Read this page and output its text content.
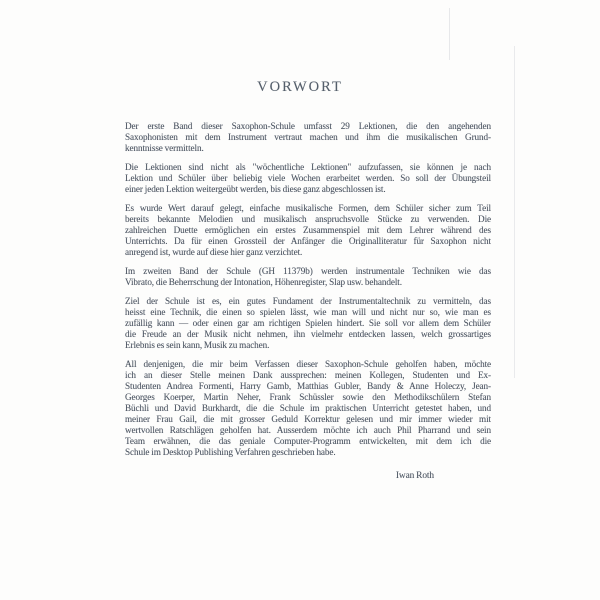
VORWORT
Der erste Band dieser Saxophon-Schule umfasst 29 Lektionen, die den angehenden
Saxophonisten mit dem Instrument vertraut machen und ihm die musikalischen Grund-
kenntnisse vermitteln.
Die Lektionen sind nicht als "wöchentliche Lektionen" aufzufassen, sie können je nach
Lektion und Schüler über beliebig viele Wochen erarbeitet werden. So soll der Übungsteil
einer jeden Lektion weitergeübt werden, bis diese ganz abgeschlossen ist.
Es wurde Wert darauf gelegt, einfache musikalische Formen, dem Schüler sicher zum Teil
bereits bekannte Melodien und musikalisch anspruchsvolle Stücke zu verwenden. Die
zahlreichen Duette ermöglichen ein erstes Zusammenspiel mit dem Lehrer während des
Unterrichts. Da für einen Grossteil der Anfänger die Originalliteratur für Saxophon nicht
anregend ist, wurde auf diese hier ganz verzichtet.
Im zweiten Band der Schule (GH 11379b) werden instrumentale Techniken wie das
Vibrato, die Beherrschung der Intonation, Höhenregister, Slap usw. behandelt.
Ziel der Schule ist es, ein gutes Fundament der Instrumentaltechnik zu vermitteln, das
heisst eine Technik, die einen so spielen lässt, wie man will und nicht nur so, wie man es
zufällig kann — oder einen gar am richtigen Spielen hindert. Sie soll vor allem dem Schüler
die Freude an der Musik nicht nehmen, ihn vielmehr entdecken lassen, welch grossartiges
Erlebnis es sein kann, Musik zu machen.
All denjenigen, die mir beim Verfassen dieser Saxophon-Schule geholfen haben, möchte
ich an dieser Stelle meinen Dank aussprechen: meinen Kollegen, Studenten und Ex-
Studenten Andrea Formenti, Harry Gamb, Matthias Gubler, Bandy & Anne Holeczy, Jean-
Georges Koerper, Martin Neher, Frank Schüssler sowie den Methodikschülern Stefan
Büchli und David Burkhardt, die die Schule im praktischen Unterricht getestet haben, und
meiner Frau Gail, die mit grosser Geduld Korrektur gelesen und mir immer wieder mit
wertvollen Ratschlägen geholfen hat. Ausserdem möchte ich auch Phil Pharrand und sein
Team erwähnen, die das geniale Computer-Programm entwickelten, mit dem ich die
Schule im Desktop Publishing Verfahren geschrieben habe.
Iwan Roth
